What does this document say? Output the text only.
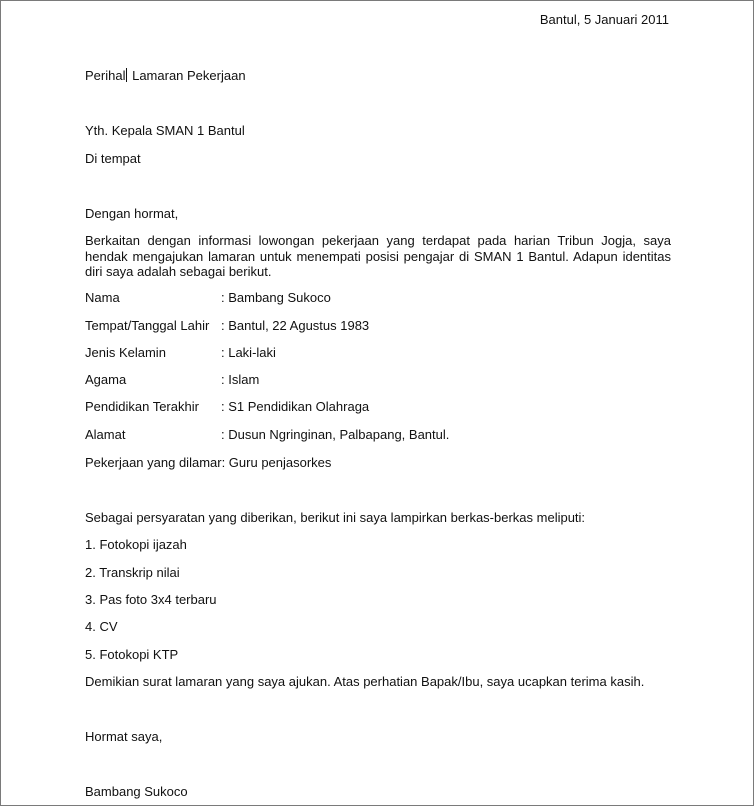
Bantul, 5 Januari 2011
Perihal Lamaran Pekerjaan
Yth. Kepala SMAN 1 Bantul
Di tempat
Dengan hormat,
Berkaitan dengan informasi lowongan pekerjaan yang terdapat pada harian Tribun Jogja, saya hendak mengajukan lamaran untuk menempati posisi pengajar di SMAN 1 Bantul. Adapun identitas diri saya adalah sebagai berikut.
Nama	: Bambang Sukoco
Tempat/Tanggal Lahir : Bantul, 22 Agustus 1983
Jenis Kelamin	: Laki-laki
Agama	: Islam
Pendidikan Terakhir : S1 Pendidikan Olahraga
Alamat	: Dusun Ngringinan, Palbapang, Bantul.
Pekerjaan yang dilamar: Guru penjasorkes
Sebagai persyaratan yang diberikan, berikut ini saya lampirkan berkas-berkas meliputi:
1. Fotokopi ijazah
2. Transkrip nilai
3. Pas foto 3x4 terbaru
4. CV
5. Fotokopi KTP
Demikian surat lamaran yang saya ajukan. Atas perhatian Bapak/Ibu, saya ucapkan terima kasih.
Hormat saya,
Bambang Sukoco
